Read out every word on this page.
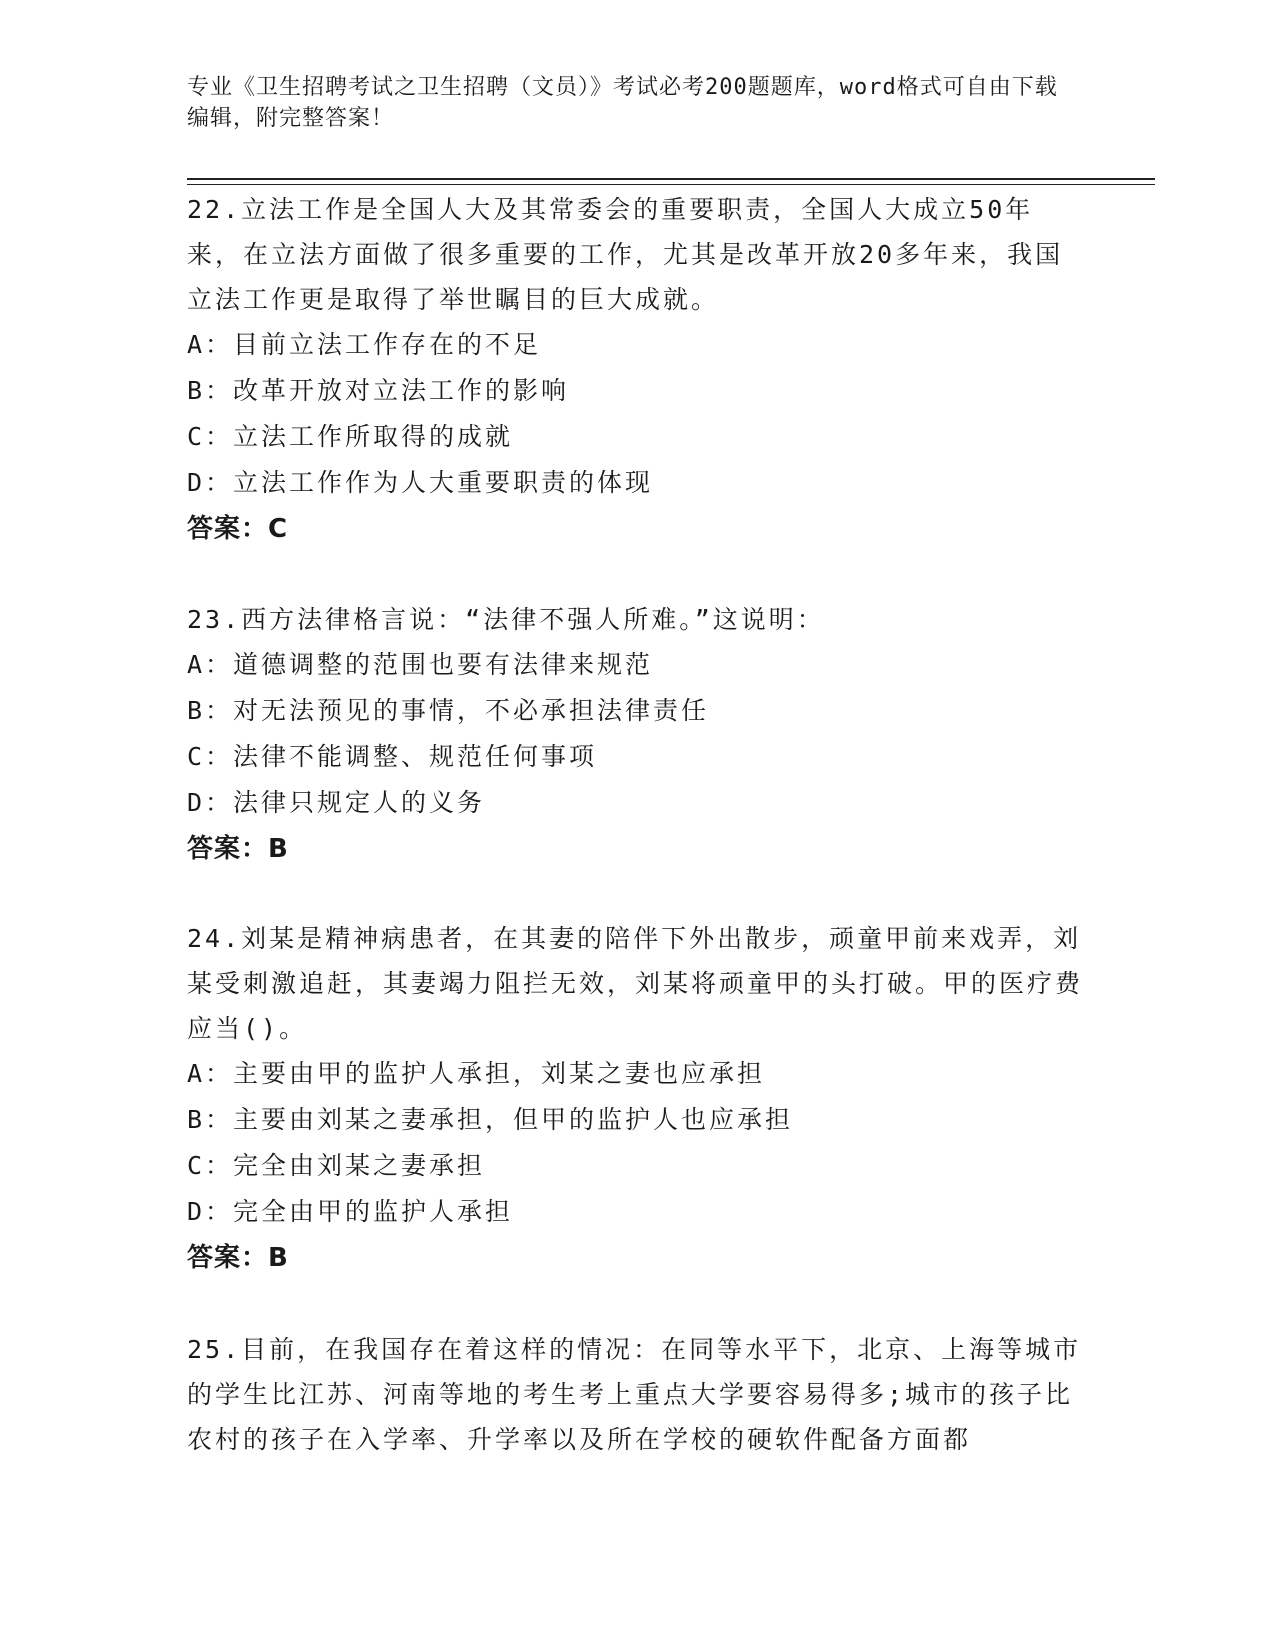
专业《卫生招聘考试之卫生招聘（文员）》考试必考200题题库，word格式可自由下载编辑，附完整答案！

22.立法工作是全国人大及其常委会的重要职责，全国人大成立50年来，在立法方面做了很多重要的工作，尤其是改革开放20多年来，我国立法工作更是取得了举世瞩目的巨大成就。

A：目前立法工作存在的不足

B：改革开放对立法工作的影响

C：立法工作所取得的成就

D：立法工作作为人大重要职责的体现

答案：C

23.西方法律格言说：“法律不强人所难。”这说明：

A：道德调整的范围也要有法律来规范

B：对无法预见的事情，不必承担法律责任

C：法律不能调整、规范任何事项

D：法律只规定人的义务

答案：B

24.刘某是精神病患者，在其妻的陪伴下外出散步，顽童甲前来戏弄，刘某受刺激追赶，其妻竭力阻拦无效，刘某将顽童甲的头打破。甲的医疗费应当()。

A：主要由甲的监护人承担，刘某之妻也应承担

B：主要由刘某之妻承担，但甲的监护人也应承担

C：完全由刘某之妻承担

D：完全由甲的监护人承担

答案：B

25.目前，在我国存在着这样的情况：在同等水平下，北京、上海等城市的学生比江苏、河南等地的考生考上重点大学要容易得多;城市的孩子比农村的孩子在入学率、升学率以及所在学校的硬软件配备方面都
